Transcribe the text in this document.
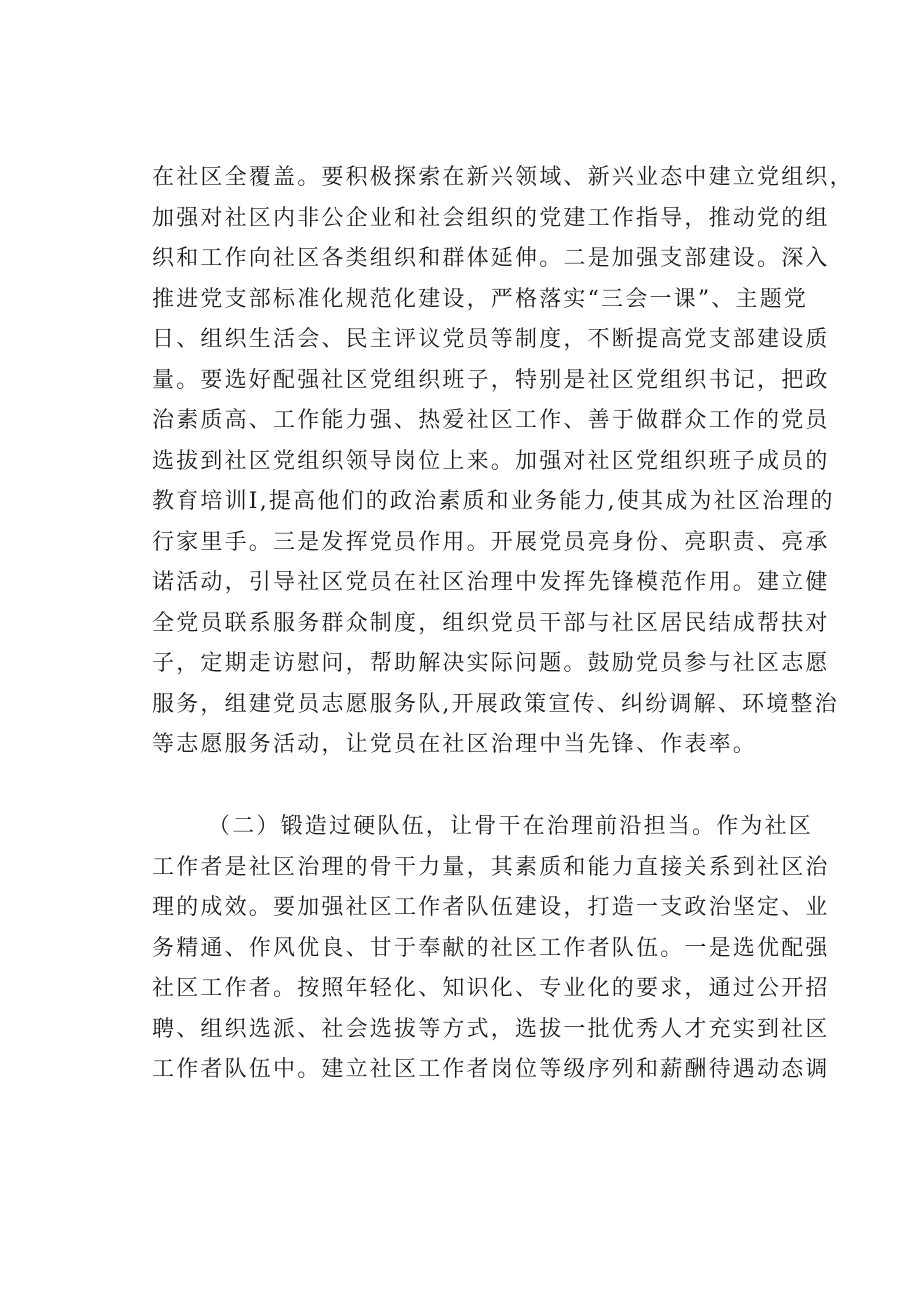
在社区全覆盖。要积极探索在新兴领域、新兴业态中建立党组织，
加强对社区内非公企业和社会组织的党建工作指导，推动党的组
织和工作向社区各类组织和群体延伸。二是加强支部建设。深入
推进党支部标准化规范化建设，严格落实“三会一课”、主题党
日、组织生活会、民主评议党员等制度，不断提高党支部建设质
量。要选好配强社区党组织班子，特别是社区党组织书记，把政
治素质高、工作能力强、热爱社区工作、善于做群众工作的党员
选拔到社区党组织领导岗位上来。加强对社区党组织班子成员的
教育培训I,提高他们的政治素质和业务能力,使其成为社区治理的
行家里手。三是发挥党员作用。开展党员亮身份、亮职责、亮承
诺活动，引导社区党员在社区治理中发挥先锋模范作用。建立健
全党员联系服务群众制度，组织党员干部与社区居民结成帮扶对
子，定期走访慰问，帮助解决实际问题。鼓励党员参与社区志愿
服务，组建党员志愿服务队,开展政策宣传、纠纷调解、环境整治
等志愿服务活动，让党员在社区治理中当先锋、作表率。
（二）锻造过硬队伍，让骨干在治理前沿担当。作为社区
工作者是社区治理的骨干力量，其素质和能力直接关系到社区治
理的成效。要加强社区工作者队伍建设，打造一支政治坚定、业
务精通、作风优良、甘于奉献的社区工作者队伍。一是选优配强
社区工作者。按照年轻化、知识化、专业化的要求，通过公开招
聘、组织选派、社会选拔等方式，选拔一批优秀人才充实到社区
工作者队伍中。建立社区工作者岗位等级序列和薪酬待遇动态调
